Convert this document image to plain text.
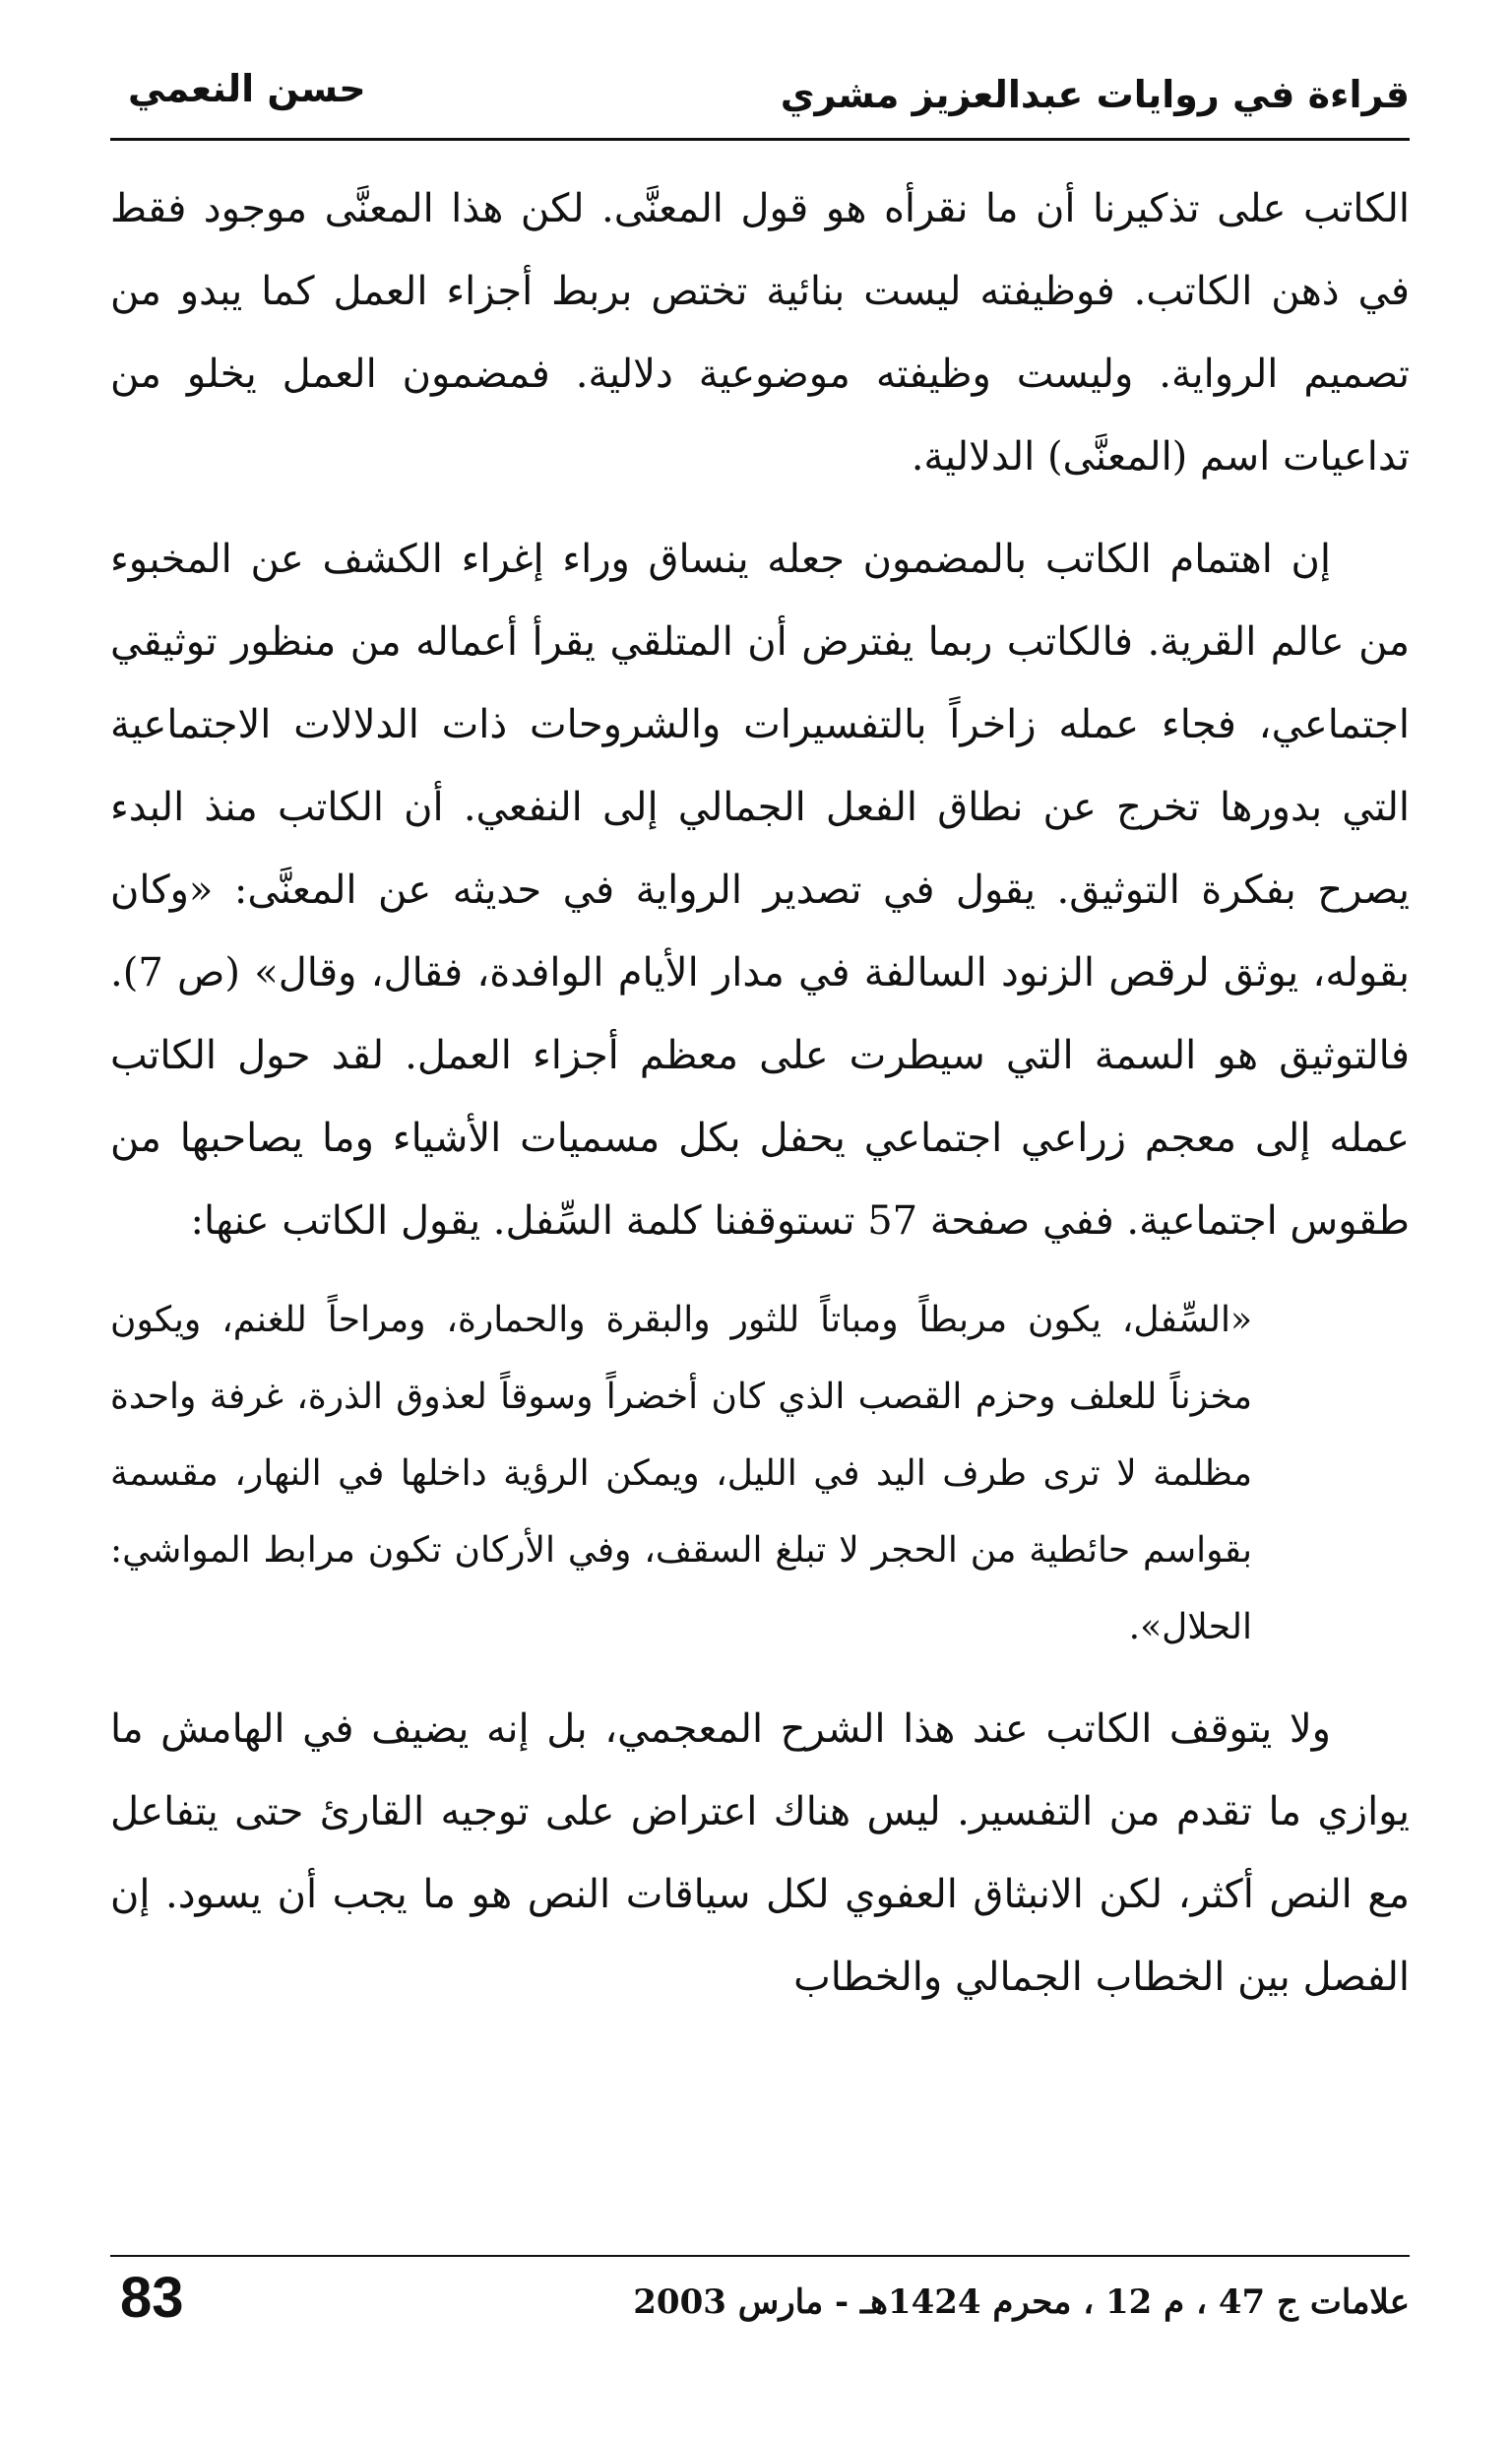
قراءة في روايات عبدالعزيز مشري
حسن النعمي

الكاتب على تذكيرنا أن ما نقرأه هو قول المعنَّى. لكن هذا المعنَّى موجود فقط في ذهن الكاتب. فوظيفته ليست بنائية تختص بربط أجزاء العمل كما يبدو من تصميم الرواية. وليست وظيفته موضوعية دلالية. فمضمون العمل يخلو من تداعيات اسم (المعنَّى) الدلالية.

إن اهتمام الكاتب بالمضمون جعله ينساق وراء إغراء الكشف عن المخبوء من عالم القرية. فالكاتب ربما يفترض أن المتلقي يقرأ أعماله من منظور توثيقي اجتماعي، فجاء عمله زاخراً بالتفسيرات والشروحات ذات الدلالات الاجتماعية التي بدورها تخرج عن نطاق الفعل الجمالي إلى النفعي. أن الكاتب منذ البدء يصرح بفكرة التوثيق. يقول في تصدير الرواية في حديثه عن المعنَّى: «وكان بقوله، يوثق لرقص الزنود السالفة في مدار الأيام الوافدة، فقال، وقال» (ص 7). فالتوثيق هو السمة التي سيطرت على معظم أجزاء العمل. لقد حول الكاتب عمله إلى معجم زراعي اجتماعي يحفل بكل مسميات الأشياء وما يصاحبها من طقوس اجتماعية. ففي صفحة 57 تستوقفنا كلمة السِّفل. يقول الكاتب عنها:

«السِّفل، يكون مربطاً ومباتاً للثور والبقرة والحمارة، ومراحاً للغنم، ويكون مخزناً للعلف وحزم القصب الذي كان أخضراً وسوقاً لعذوق الذرة، غرفة واحدة مظلمة لا ترى طرف اليد في الليل، ويمكن الرؤية داخلها في النهار، مقسمة بقواسم حائطية من الحجر لا تبلغ السقف، وفي الأركان تكون مرابط المواشي: الحلال».

ولا يتوقف الكاتب عند هذا الشرح المعجمي، بل إنه يضيف في الهامش ما يوازي ما تقدم من التفسير. ليس هناك اعتراض على توجيه القارئ حتى يتفاعل مع النص أكثر، لكن الانبثاق العفوي لكل سياقات النص هو ما يجب أن يسود. إن الفصل بين الخطاب الجمالي والخطاب

علامات ج 47 ، م 12 ، محرم 1424هـ - مارس 2003
83
